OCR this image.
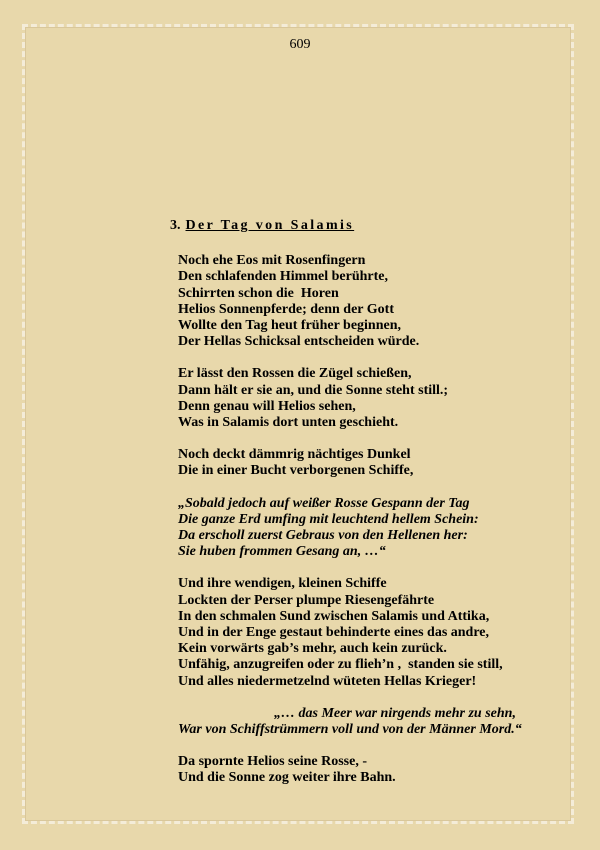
609
3. Der Tag von Salamis
Noch ehe Eos mit Rosenfingern
Den schlafenden Himmel berührte,
Schirrten schon die  Horen
Helios Sonnenpferde; denn der Gott
Wollte den Tag heut früher beginnen,
Der Hellas Schicksal entscheiden würde.
Er lässt den Rossen die Zügel schießen,
Dann hält er sie an, und die Sonne steht still.;
Denn genau will Helios sehen,
Was in Salamis dort unten geschieht.
Noch deckt dämmrig nächtiges Dunkel
Die in einer Bucht verborgenen Schiffe,
„Sobald jedoch auf weißer Rosse Gespann der Tag
Die ganze Erd umfing mit leuchtend hellem Schein:
Da erscholl zuerst Gebraus von den Hellenen her:
Sie huben frommen Gesang an, …“
Und ihre wendigen, kleinen Schiffe
Lockten der Perser plumpe Riesengefährte
In den schmalen Sund zwischen Salamis und Attika,
Und in der Enge gestaut behinderte eines das andre,
Kein vorwärts gab’s mehr, auch kein zurück.
Unfähig, anzugreifen oder zu flieh’n ,  standen sie still,
Und alles niedermetzelnd wüteten Hellas Krieger!
„… das Meer war nirgends mehr zu sehn,
War von Schiffstrümmern voll und von der Männer Mord.“
Da spornte Helios seine Rosse, -
Und die Sonne zog weiter ihre Bahn.
